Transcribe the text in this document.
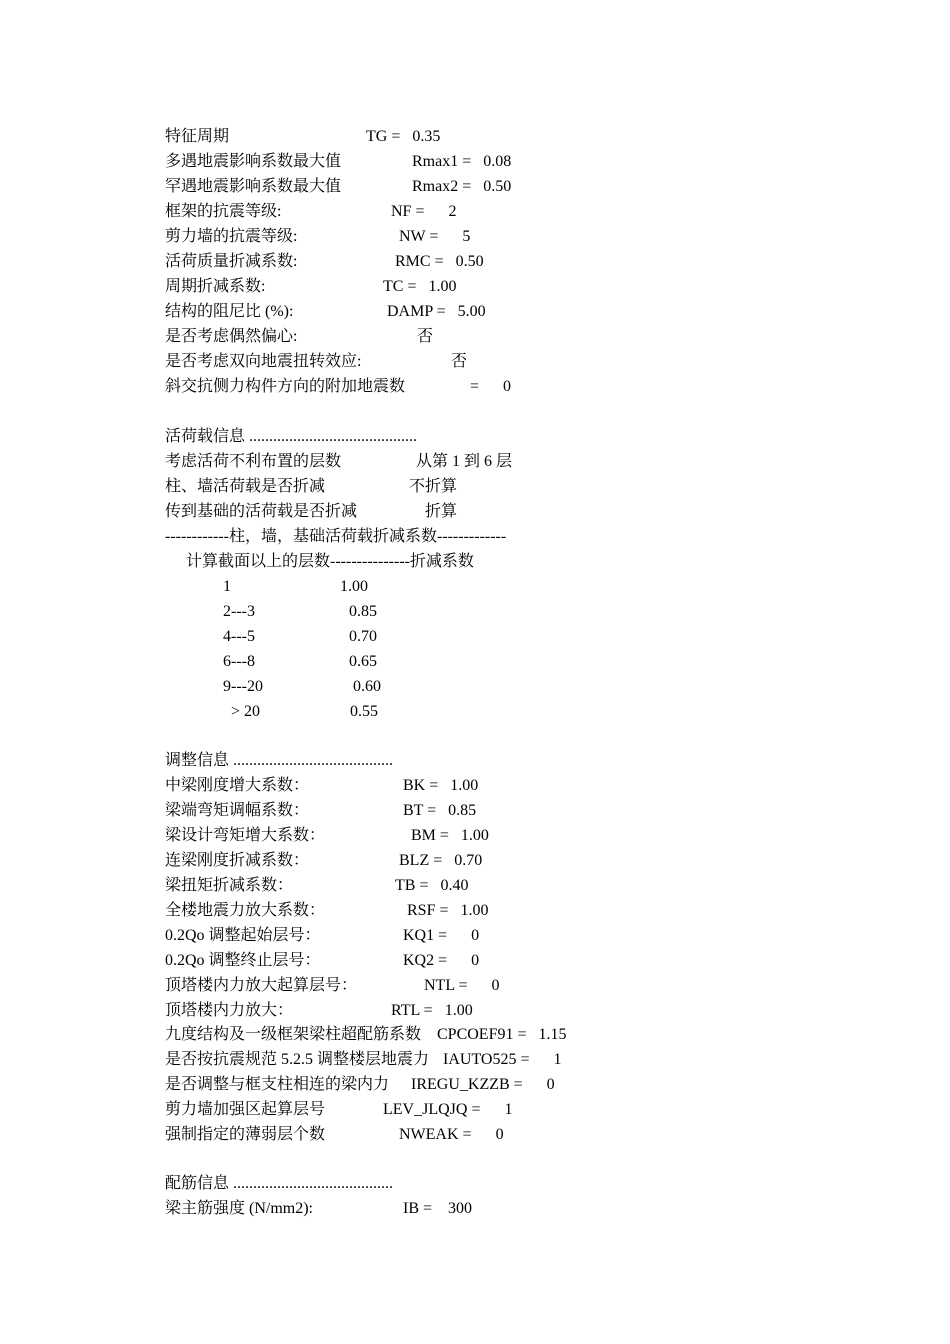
特征周期	TG =   0.35
多遇地震影响系数最大值	Rmax1 =   0.08
罕遇地震影响系数最大值	Rmax2 =   0.50
框架的抗震等级:	NF =      2
剪力墙的抗震等级:	NW =      5
活荷质量折减系数:	RMC =   0.50
周期折减系数:	TC =   1.00
结构的阻尼比 (%):	DAMP =   5.00
是否考虑偶然偏心:	否
是否考虑双向地震扭转效应:	否
斜交抗侧力构件方向的附加地震数	=      0
活荷载信息 ..........................................
考虑活荷不利布置的层数	从第 1 到 6 层
柱、墙活荷载是否折减	不折算
传到基础的活荷载是否折减	折算
------------柱，墙，基础活荷载折减系数-------------
计算截面以上的层数---------------折减系数
1	1.00
2---3	0.85
4---5	0.70
6---8	0.65
9---20	0.60
> 20	0.55
调整信息 ........................................
中梁刚度增大系数：	BK =   1.00
梁端弯矩调幅系数：	BT =   0.85
梁设计弯矩增大系数：	BM =   1.00
连梁刚度折减系数：	BLZ =   0.70
梁扭矩折减系数：	TB =   0.40
全楼地震力放大系数：	RSF =   1.00
0.2Qo 调整起始层号：	KQ1 =      0
0.2Qo 调整终止层号：	KQ2 =      0
顶塔楼内力放大起算层号：	NTL =      0
顶塔楼内力放大：	RTL =   1.00
九度结构及一级框架梁柱超配筋系数 CPCOEF91 =   1.15
是否按抗震规范 5.2.5 调整楼层地震力 IAUTO525 =      1
是否调整与框支柱相连的梁内力 IREGU_KZZB =      0
剪力墙加强区起算层号	LEV_JLQJQ =      1
强制指定的薄弱层个数	NWEAK =      0
配筋信息 ........................................
梁主筋强度 (N/mm2):	IB =    300
